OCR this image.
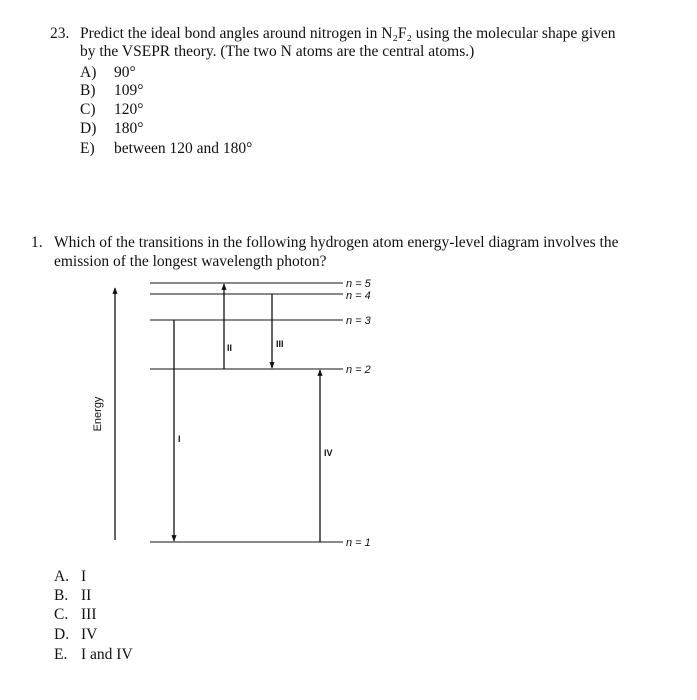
23. Predict the ideal bond angles around nitrogen in N₂F₂ using the molecular shape given
by the VSEPR theory. (The two N atoms are the central atoms.)
A) 90°
B) 109°
C) 120°
D) 180°
E) between 120 and 180°
1. Which of the transitions in the following hydrogen atom energy-level diagram involves the
emission of the longest wavelength photon?
Energy
n = 5
n = 4
n = 3
n = 2
n = 1
I
II	III
IV
A. I
B. II
C. III
D. IV
E. I and IV
